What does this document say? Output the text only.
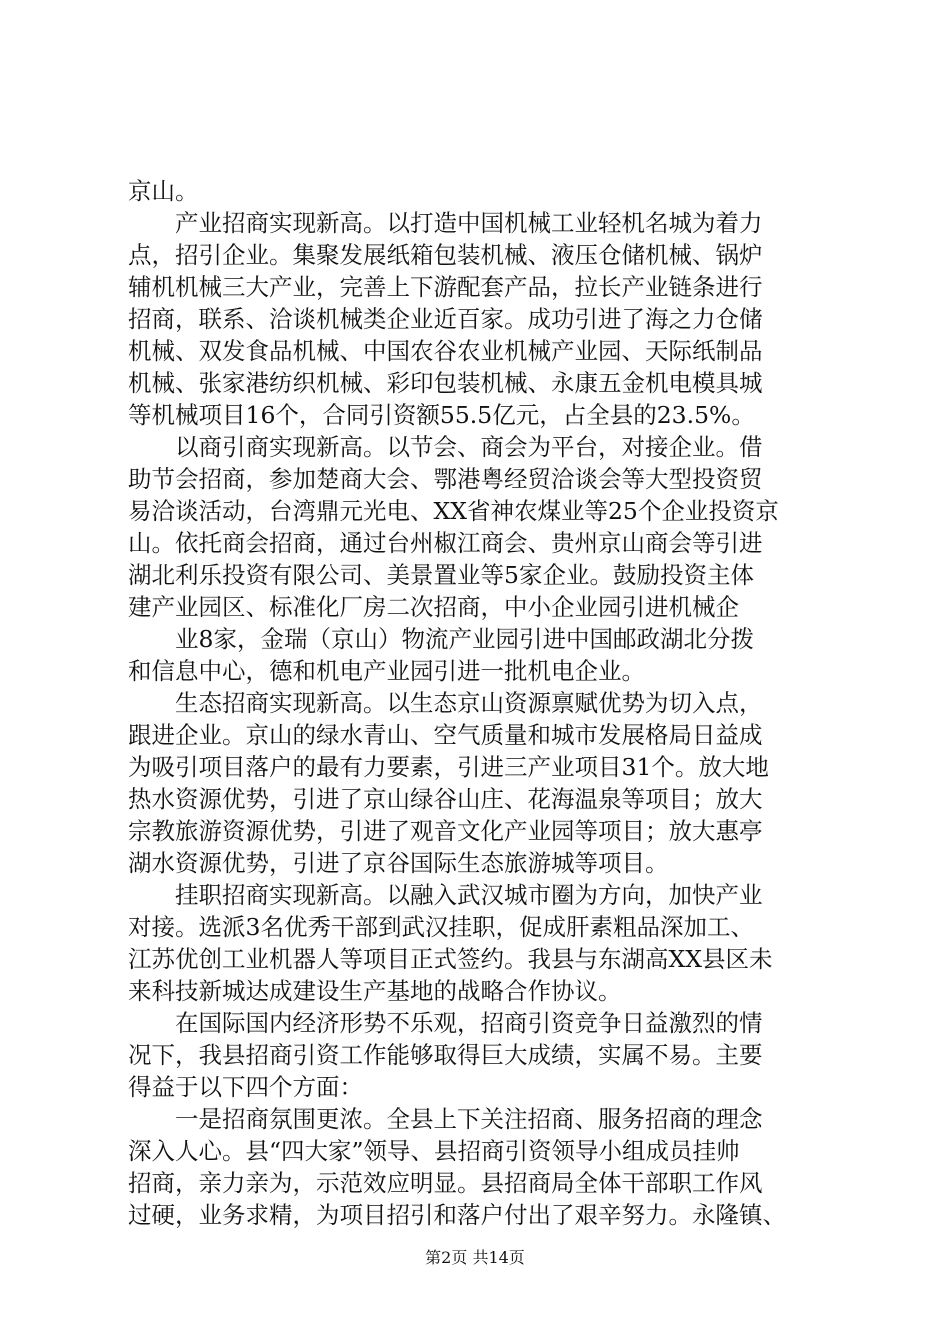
京山。
　　产业招商实现新高。以打造中国机械工业轻机名城为着力
点，招引企业。集聚发展纸箱包装机械、液压仓储机械、锅炉
辅机机械三大产业，完善上下游配套产品，拉长产业链条进行
招商，联系、洽谈机械类企业近百家。成功引进了海之力仓储
机械、双发食品机械、中国农谷农业机械产业园、天际纸制品
机械、张家港纺织机械、彩印包装机械、永康五金机电模具城
等机械项目16个，合同引资额55.5亿元，占全县的23.5%。
　　以商引商实现新高。以节会、商会为平台，对接企业。借
助节会招商，参加楚商大会、鄂港粤经贸洽谈会等大型投资贸
易洽谈活动，台湾鼎元光电、XX省神农煤业等25个企业投资京
山。依托商会招商，通过台州椒江商会、贵州京山商会等引进
湖北利乐投资有限公司、美景置业等5家企业。鼓励投资主体
建产业园区、标准化厂房二次招商，中小企业园引进机械企
　　业8家，金瑞（京山）物流产业园引进中国邮政湖北分拨
和信息中心，德和机电产业园引进一批机电企业。
　　生态招商实现新高。以生态京山资源禀赋优势为切入点，
跟进企业。京山的绿水青山、空气质量和城市发展格局日益成
为吸引项目落户的最有力要素，引进三产业项目31个。放大地
热水资源优势，引进了京山绿谷山庄、花海温泉等项目；放大
宗教旅游资源优势，引进了观音文化产业园等项目；放大惠亭
湖水资源优势，引进了京谷国际生态旅游城等项目。
　　挂职招商实现新高。以融入武汉城市圈为方向，加快产业
对接。选派3名优秀干部到武汉挂职，促成肝素粗品深加工、
江苏优创工业机器人等项目正式签约。我县与东湖高XX县区未
来科技新城达成建设生产基地的战略合作协议。
　　在国际国内经济形势不乐观，招商引资竞争日益激烈的情
况下，我县招商引资工作能够取得巨大成绩，实属不易。主要
得益于以下四个方面：
　　一是招商氛围更浓。全县上下关注招商、服务招商的理念
深入人心。县“四大家”领导、县招商引资领导小组成员挂帅
招商，亲力亲为，示范效应明显。县招商局全体干部职工作风
过硬，业务求精，为项目招引和落户付出了艰辛努力。永隆镇、
第2页 共14页
